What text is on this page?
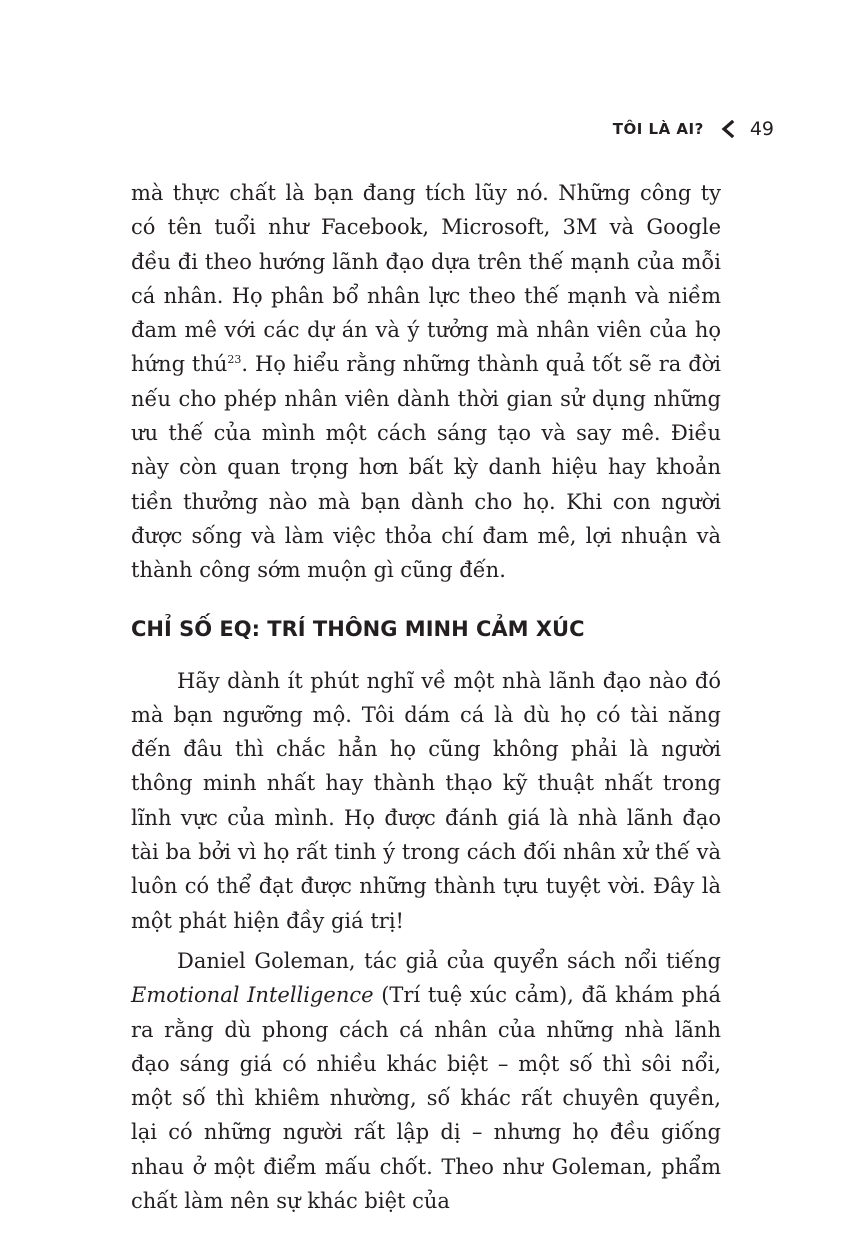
TÔI LÀ AI? 49

mà thực chất là bạn đang tích lũy nó. Những công ty có tên tuổi như Facebook, Microsoft, 3M và Google đều đi theo hướng lãnh đạo dựa trên thế mạnh của mỗi cá nhân. Họ phân bổ nhân lực theo thế mạnh và niềm đam mê với các dự án và ý tưởng mà nhân viên của họ hứng thú$^{23}$. Họ hiểu rằng những thành quả tốt sẽ ra đời nếu cho phép nhân viên dành thời gian sử dụng những ưu thế của mình một cách sáng tạo và say mê. Điều này còn quan trọng hơn bất kỳ danh hiệu hay khoản tiền thưởng nào mà bạn dành cho họ. Khi con người được sống và làm việc thỏa chí đam mê, lợi nhuận và thành công sớm muộn gì cũng đến.

CHỈ SỐ EQ: TRÍ THÔNG MINH CẢM XÚC

Hãy dành ít phút nghĩ về một nhà lãnh đạo nào đó mà bạn ngưỡng mộ. Tôi dám cá là dù họ có tài năng đến đâu thì chắc hẳn họ cũng không phải là người thông minh nhất hay thành thạo kỹ thuật nhất trong lĩnh vực của mình. Họ được đánh giá là nhà lãnh đạo tài ba bởi vì họ rất tinh ý trong cách đối nhân xử thế và luôn có thể đạt được những thành tựu tuyệt vời. Đây là một phát hiện đầy giá trị!

Daniel Goleman, tác giả của quyển sách nổi tiếng Emotional Intelligence (Trí tuệ xúc cảm), đã khám phá ra rằng dù phong cách cá nhân của những nhà lãnh đạo sáng giá có nhiều khác biệt – một số thì sôi nổi, một số thì khiêm nhường, số khác rất chuyên quyền, lại có những người rất lập dị – nhưng họ đều giống nhau ở một điểm mấu chốt. Theo như Goleman, phẩm chất làm nên sự khác biệt của
